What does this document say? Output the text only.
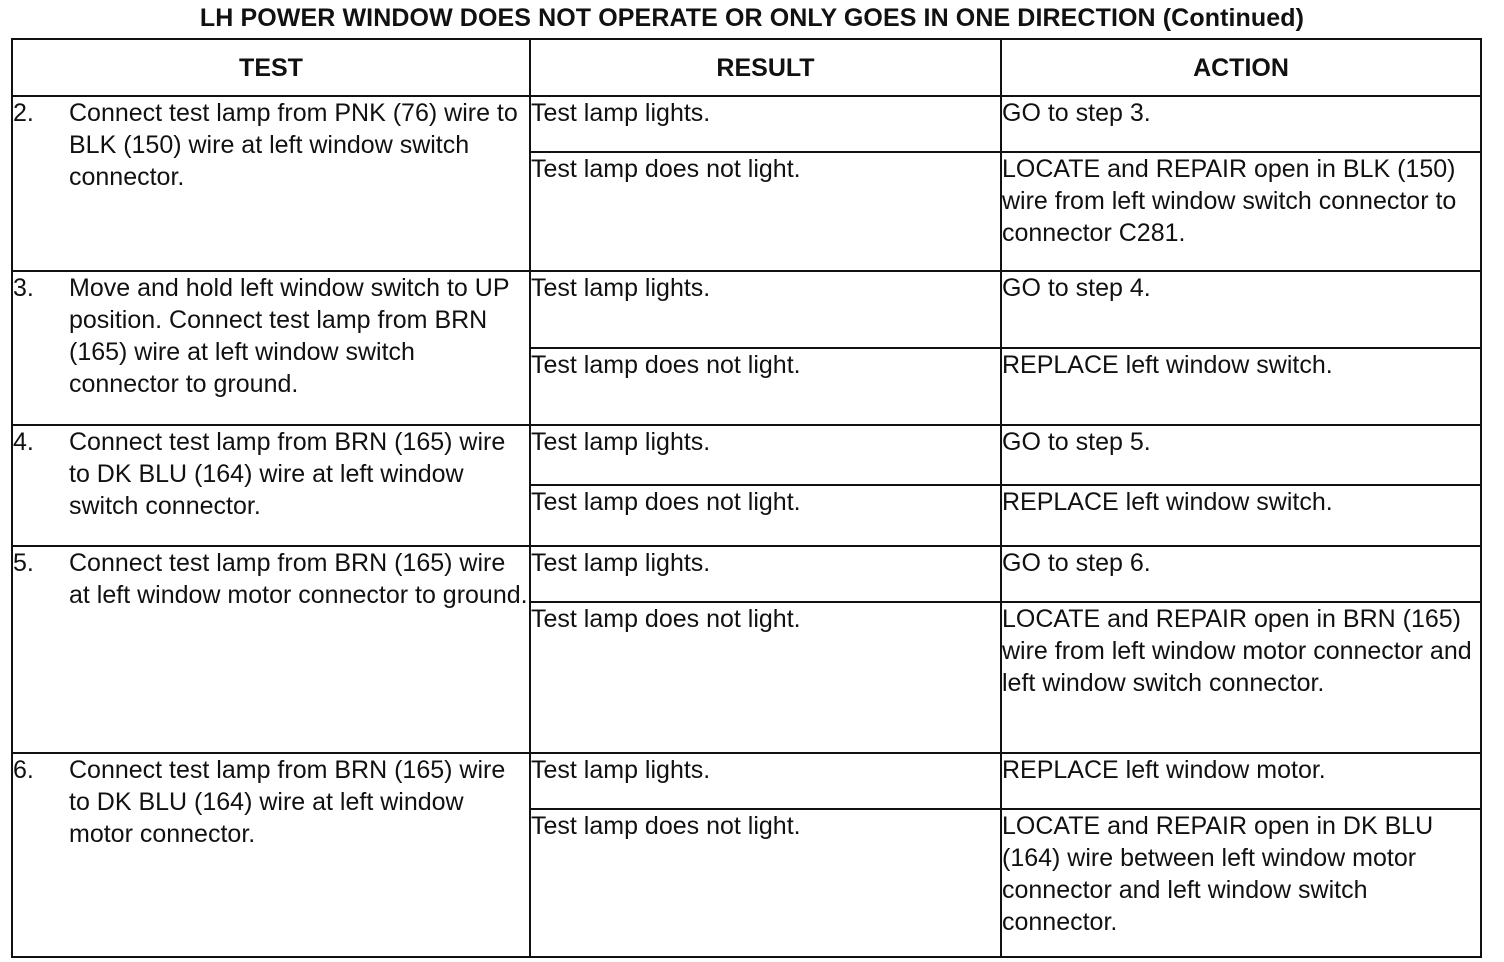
LH POWER WINDOW DOES NOT OPERATE OR ONLY GOES IN ONE DIRECTION (Continued)
TEST	RESULT	ACTION

2. Connect test lamp from PNK (76) wire to BLK (150) wire at left window switch connector.	Test lamp lights.	GO to step 3.
	Test lamp does not light.	LOCATE and REPAIR open in BLK (150) wire from left window switch connector to connector C281.

3. Move and hold left window switch to UP position. Connect test lamp from BRN (165) wire at left window switch connector to ground.	Test lamp lights.	GO to step 4.
	Test lamp does not light.	REPLACE left window switch.

4. Connect test lamp from BRN (165) wire to DK BLU (164) wire at left window switch connector.	Test lamp lights.	GO to step 5.
	Test lamp does not light.	REPLACE left window switch.

5. Connect test lamp from BRN (165) wire at left window motor connector to ground.	Test lamp lights.	GO to step 6.
	Test lamp does not light.	LOCATE and REPAIR open in BRN (165) wire from left window motor connector and left window switch connector.

6. Connect test lamp from BRN (165) wire to DK BLU (164) wire at left window motor connector.	Test lamp lights.	REPLACE left window motor.
	Test lamp does not light.	LOCATE and REPAIR open in DK BLU (164) wire between left window motor connector and left window switch connector.
